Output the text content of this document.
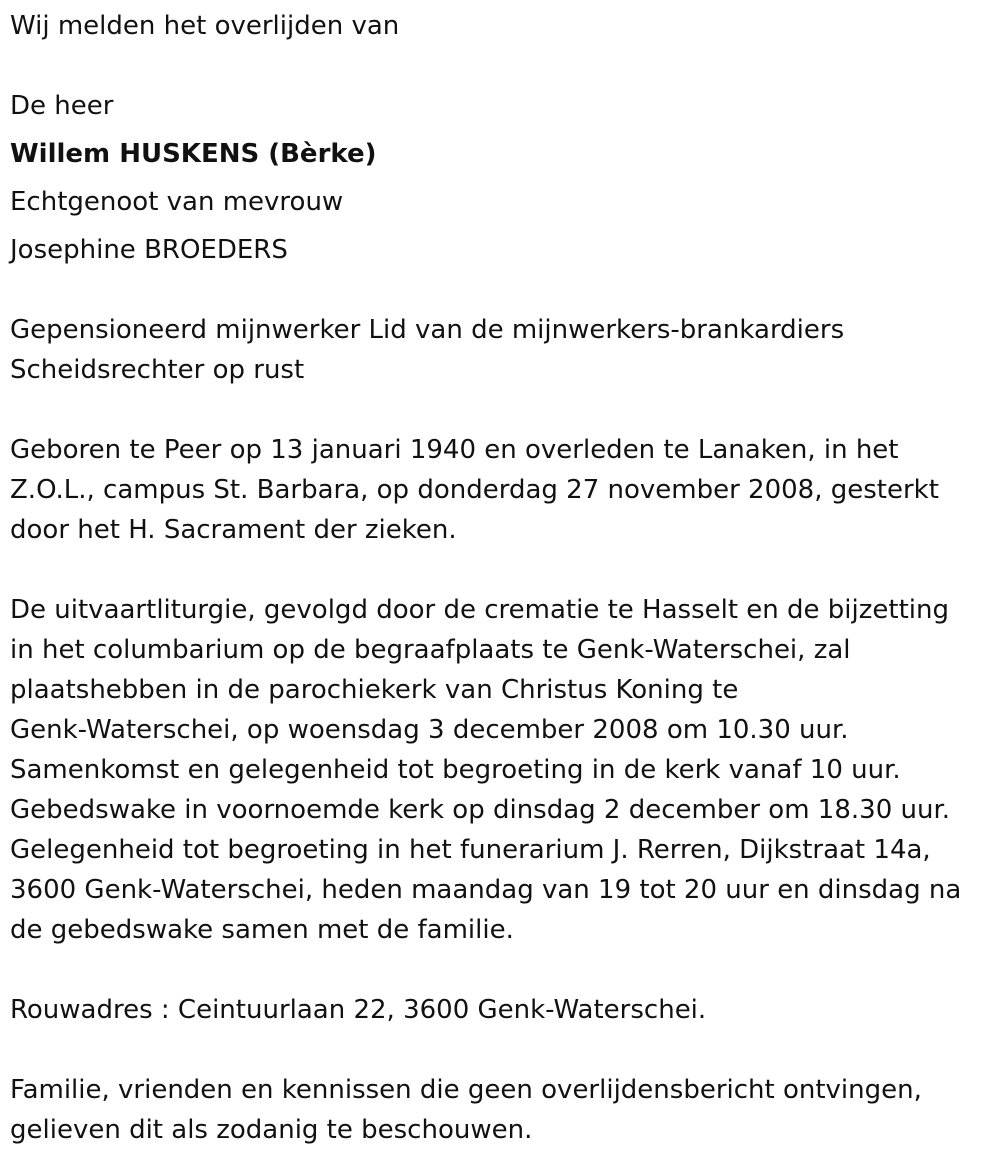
Wij melden het overlijden van
De heer
Willem HUSKENS (Bèrke)
Echtgenoot van mevrouw
Josephine BROEDERS
Gepensioneerd mijnwerker Lid van de mijnwerkers-brankardiers
Scheidsrechter op rust
Geboren te Peer op 13 januari 1940 en overleden te Lanaken, in het
Z.O.L., campus St. Barbara, op donderdag 27 november 2008, gesterkt
door het H. Sacrament der zieken.
De uitvaartliturgie, gevolgd door de crematie te Hasselt en de bijzetting
in het columbarium op de begraafplaats te Genk-Waterschei, zal
plaatshebben in de parochiekerk van Christus Koning te
Genk-Waterschei, op woensdag 3 december 2008 om 10.30 uur.
Samenkomst en gelegenheid tot begroeting in de kerk vanaf 10 uur.
Gebedswake in voornoemde kerk op dinsdag 2 december om 18.30 uur.
Gelegenheid tot begroeting in het funerarium J. Rerren, Dijkstraat 14a,
3600 Genk-Waterschei, heden maandag van 19 tot 20 uur en dinsdag na
de gebedswake samen met de familie.
Rouwadres : Ceintuurlaan 22, 3600 Genk-Waterschei.
Familie, vrienden en kennissen die geen overlijdensbericht ontvingen,
gelieven dit als zodanig te beschouwen.
